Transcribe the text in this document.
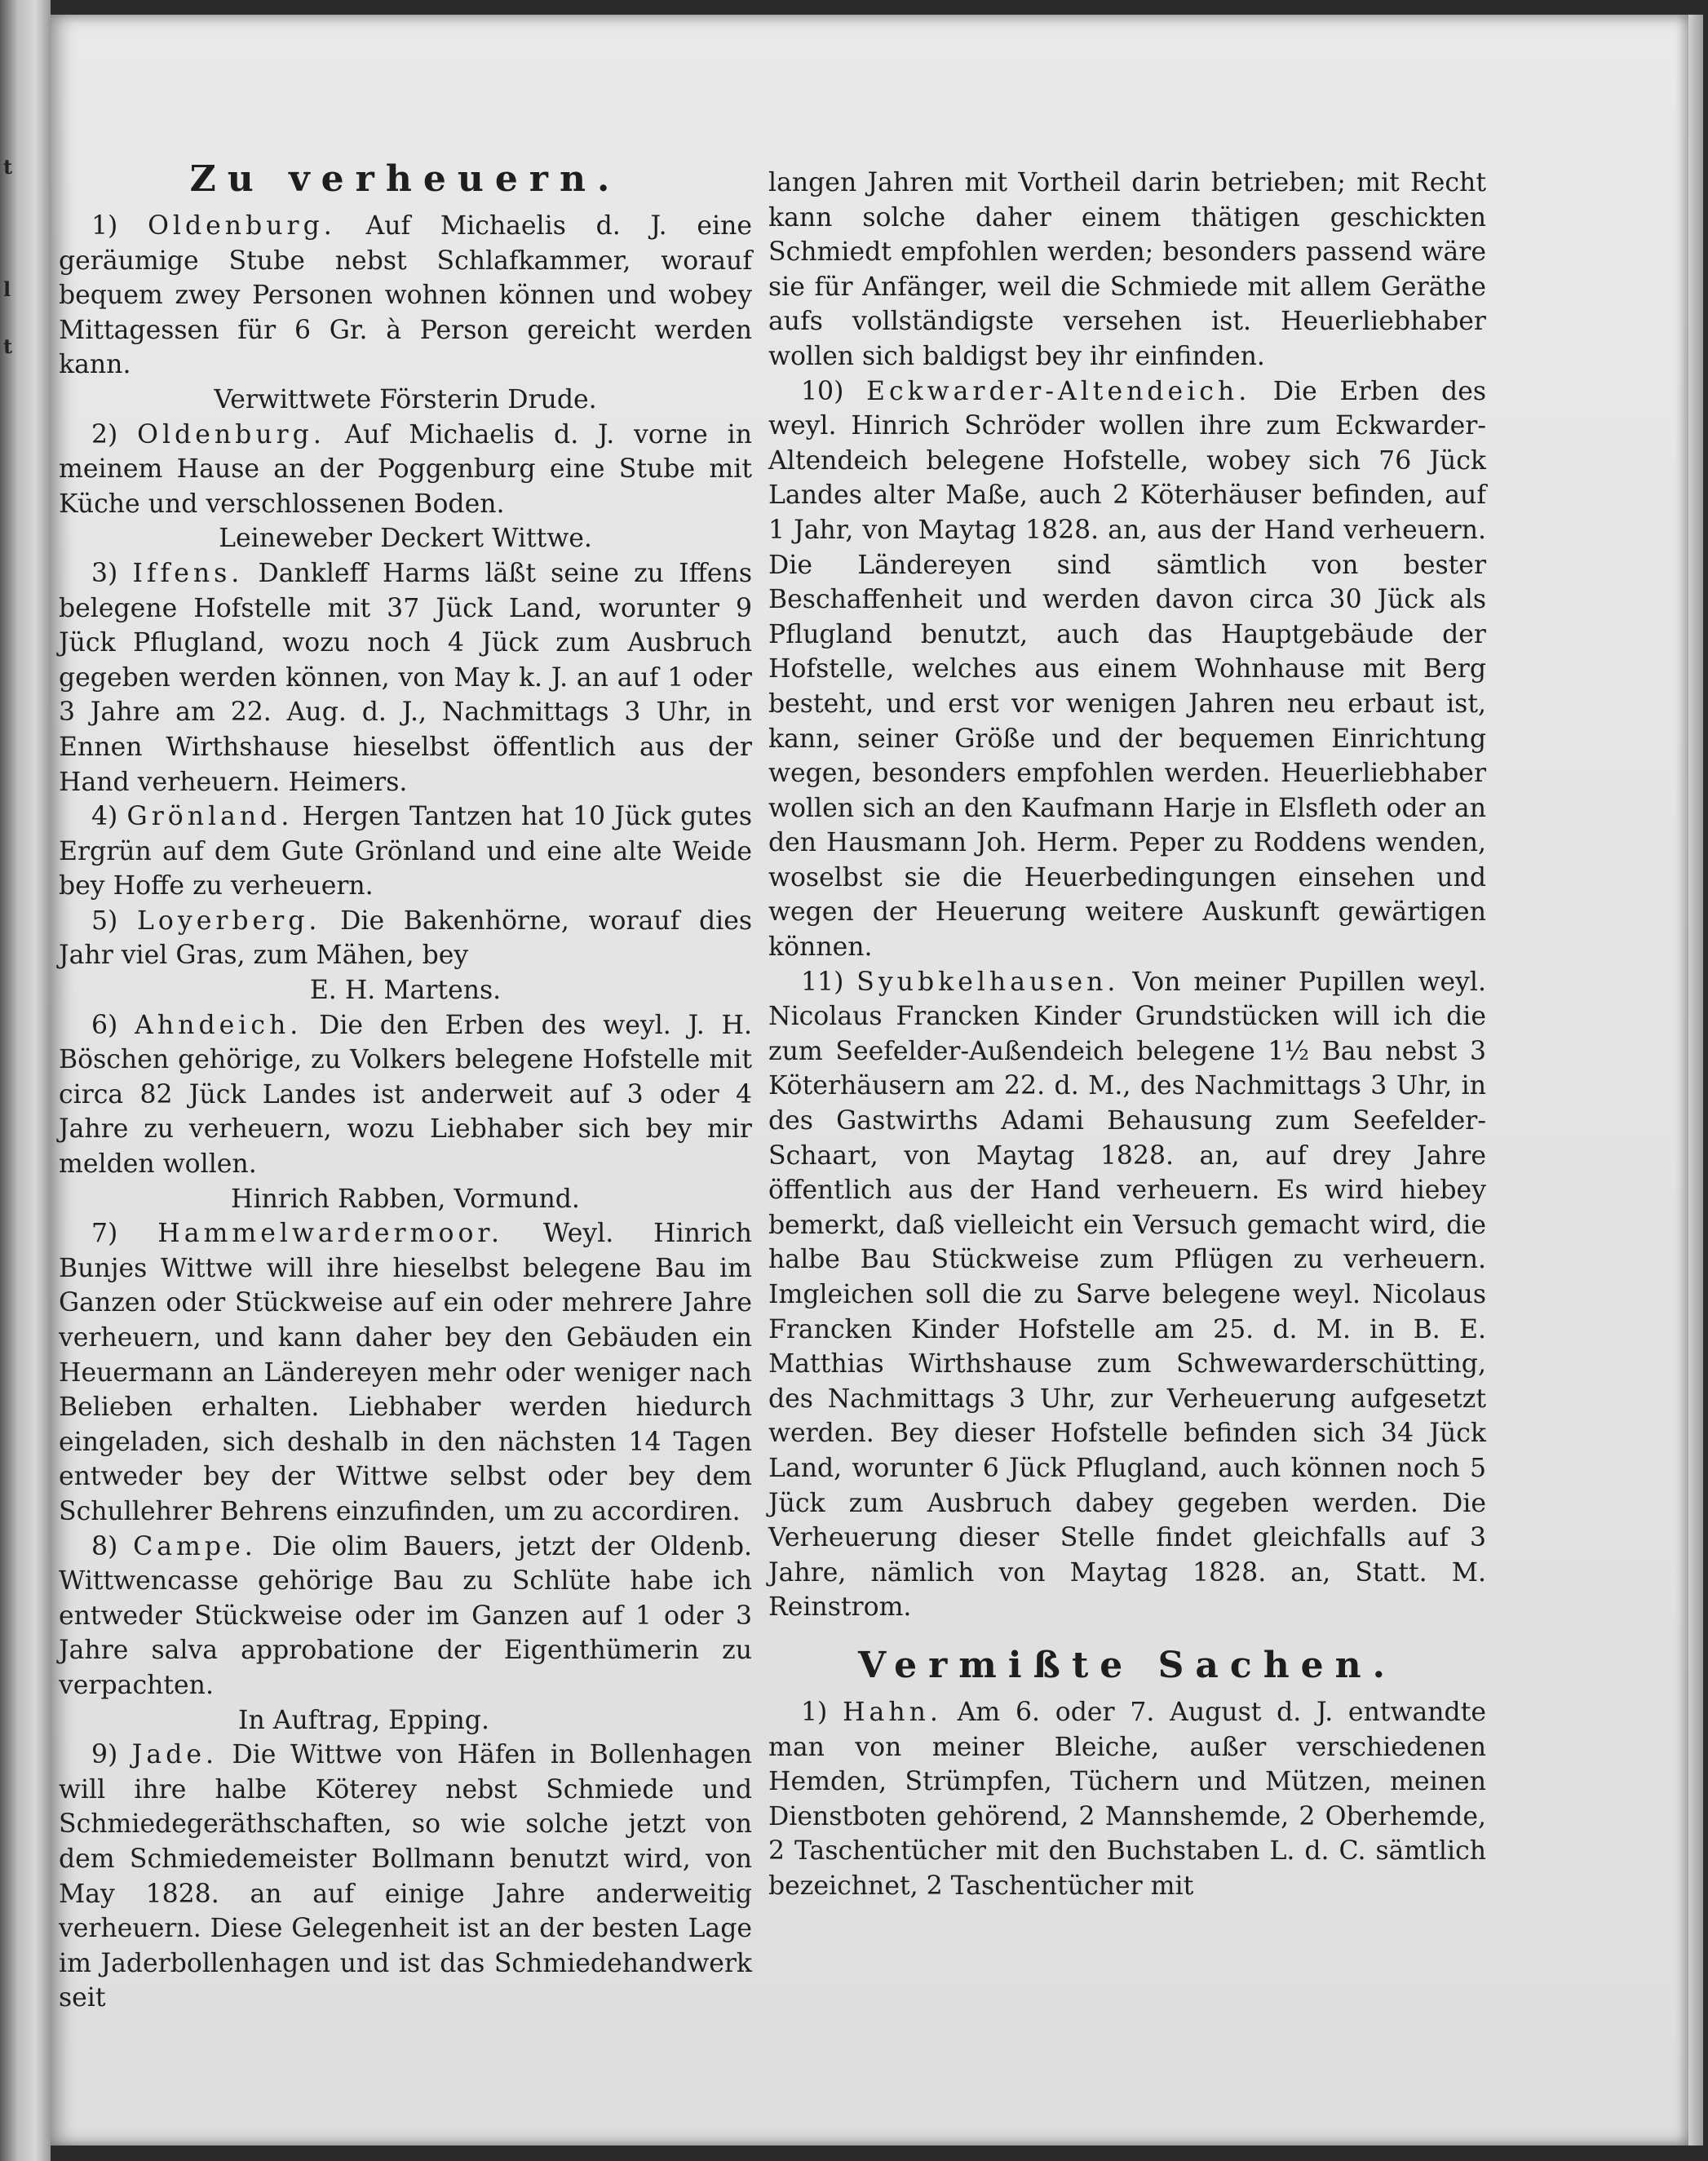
t
l
t
Zu verheuern.

1) Oldenburg. Auf Michaelis d. J. eine geräumige Stube nebst Schlafkammer, worauf bequem zwey Personen wohnen können und wobey Mittagessen für 6 Gr. à Person gereicht werden kann.

Verwittwete Försterin Drude.

2) Oldenburg. Auf Michaelis d. J. vorne in meinem Hause an der Poggenburg eine Stube mit Küche und verschlossenen Boden.

Leineweber Deckert Wittwe.

3) Iffens. Dankleff Harms läßt seine zu Iffens belegene Hofstelle mit 37 Jück Land, worunter 9 Jück Pflugland, wozu noch 4 Jück zum Ausbruch gegeben werden können, von May k. J. an auf 1 oder 3 Jahre am 22. Aug. d. J., Nachmittags 3 Uhr, in Ennen Wirthshause hieselbst öffentlich aus der Hand verheuern. Heimers.

4) Grönland. Hergen Tantzen hat 10 Jück gutes Ergrün auf dem Gute Grönland und eine alte Weide bey Hoffe zu verheuern.

5) Loyerberg. Die Bakenhörne, worauf dies Jahr viel Gras, zum Mähen, bey

E. H. Martens.

6) Ahndeich. Die den Erben des weyl. J. H. Böschen gehörige, zu Volkers belegene Hofstelle mit circa 82 Jück Landes ist anderweit auf 3 oder 4 Jahre zu verheuern, wozu Liebhaber sich bey mir melden wollen.

Hinrich Rabben, Vormund.

7) Hammelwardermoor. Weyl. Hinrich Bunjes Wittwe will ihre hieselbst belegene Bau im Ganzen oder Stückweise auf ein oder mehrere Jahre verheuern, und kann daher bey den Gebäuden ein Heuermann an Ländereyen mehr oder weniger nach Belieben erhalten. Liebhaber werden hiedurch eingeladen, sich deshalb in den nächsten 14 Tagen entweder bey der Wittwe selbst oder bey dem Schullehrer Behrens einzufinden, um zu accordiren.

8) Campe. Die olim Bauers, jetzt der Oldenb. Wittwencasse gehörige Bau zu Schlüte habe ich entweder Stückweise oder im Ganzen auf 1 oder 3 Jahre salva approbatione der Eigenthümerin zu verpachten.

In Auftrag, Epping.

9) Jade. Die Wittwe von Häfen in Bollenhagen will ihre halbe Köterey nebst Schmiede und Schmiedegeräthschaften, so wie solche jetzt von dem Schmiedemeister Bollmann benutzt wird, von May 1828. an auf einige Jahre anderweitig verheuern. Diese Gelegenheit ist an der besten Lage im Jaderbollenhagen und ist das Schmiedehandwerk seit

langen Jahren mit Vortheil darin betrieben; mit Recht kann solche daher einem thätigen geschickten Schmiedt empfohlen werden; besonders passend wäre sie für Anfänger, weil die Schmiede mit allem Geräthe aufs vollständigste versehen ist. Heuerliebhaber wollen sich baldigst bey ihr einfinden.

10) Eckwarder-Altendeich. Die Erben des weyl. Hinrich Schröder wollen ihre zum Eckwarder-Altendeich belegene Hofstelle, wobey sich 76 Jück Landes alter Maße, auch 2 Köterhäuser befinden, auf 1 Jahr, von Maytag 1828. an, aus der Hand verheuern. Die Ländereyen sind sämtlich von bester Beschaffenheit und werden davon circa 30 Jück als Pflugland benutzt, auch das Hauptgebäude der Hofstelle, welches aus einem Wohnhause mit Berg besteht, und erst vor wenigen Jahren neu erbaut ist, kann, seiner Größe und der bequemen Einrichtung wegen, besonders empfohlen werden. Heuerliebhaber wollen sich an den Kaufmann Harje in Elsfleth oder an den Hausmann Joh. Herm. Peper zu Roddens wenden, woselbst sie die Heuerbedingungen einsehen und wegen der Heuerung weitere Auskunft gewärtigen können.

11) Syubkelhausen. Von meiner Pupillen weyl. Nicolaus Francken Kinder Grundstücken will ich die zum Seefelder-Außendeich belegene 1½ Bau nebst 3 Köterhäusern am 22. d. M., des Nachmittags 3 Uhr, in des Gastwirths Adami Behausung zum Seefelder-Schaart, von Maytag 1828. an, auf drey Jahre öffentlich aus der Hand verheuern. Es wird hiebey bemerkt, daß vielleicht ein Versuch gemacht wird, die halbe Bau Stückweise zum Pflügen zu verheuern. Imgleichen soll die zu Sarve belegene weyl. Nicolaus Francken Kinder Hofstelle am 25. d. M. in B. E. Matthias Wirthshause zum Schwewarderschütting, des Nachmittags 3 Uhr, zur Verheuerung aufgesetzt werden. Bey dieser Hofstelle befinden sich 34 Jück Land, worunter 6 Jück Pflugland, auch können noch 5 Jück zum Ausbruch dabey gegeben werden. Die Verheuerung dieser Stelle findet gleichfalls auf 3 Jahre, nämlich von Maytag 1828. an, Statt. M. Reinstrom.

Vermißte Sachen.

1) Hahn. Am 6. oder 7. August d. J. entwandte man von meiner Bleiche, außer verschiedenen Hemden, Strümpfen, Tüchern und Mützen, meinen Dienstboten gehörend, 2 Mannshemde, 2 Oberhemde, 2 Taschentücher mit den Buchstaben L. d. C. sämtlich bezeichnet, 2 Taschentücher mit
